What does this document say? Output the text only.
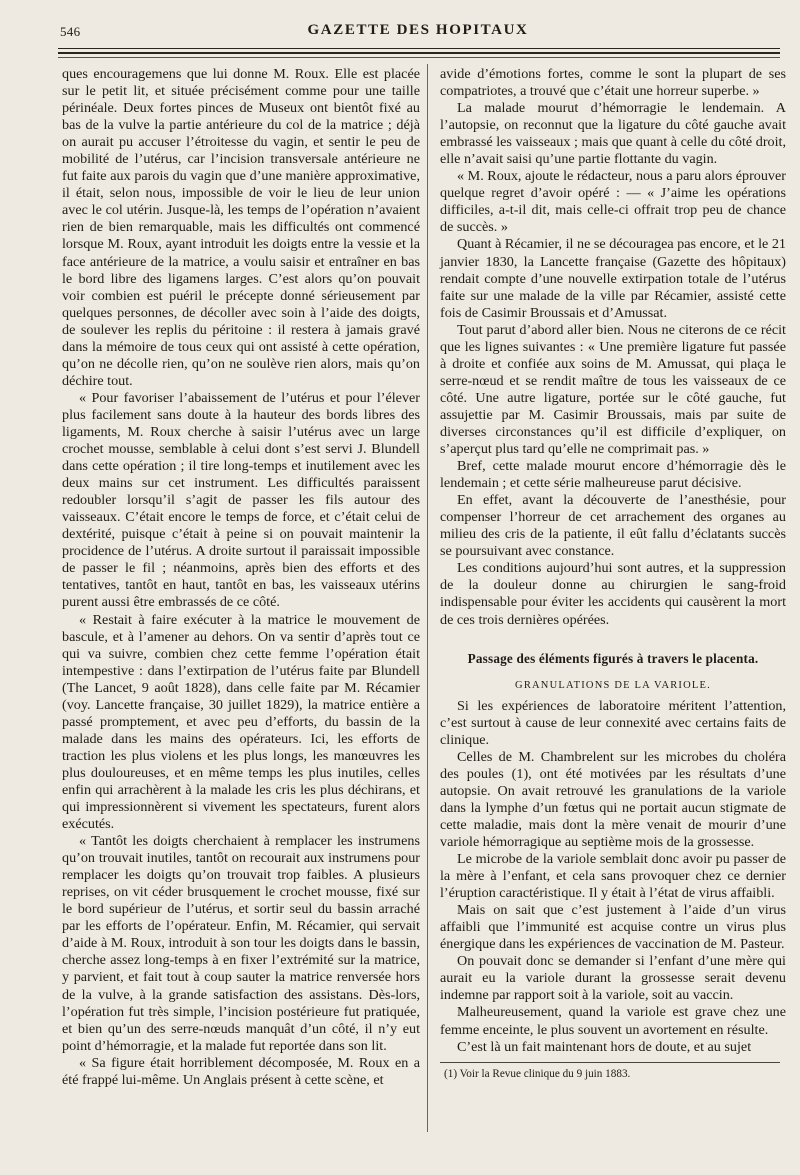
546	GAZETTE DES HOPITAUX

ques encouragemens que lui donne M. Roux. Elle est placée sur le petit lit, et située précisément comme pour une taille périnéale. Deux fortes pinces de Museux ont bientôt fixé au bas de la vulve la partie antérieure du col de la matrice ; déjà on aurait pu accuser l’étroitesse du vagin, et sentir le peu de mobilité de l’utérus, car l’incision transversale antérieure ne fut faite aux parois du vagin que d’une manière approximative, il était, selon nous, impossible de voir le lieu de leur union avec le col utérin. Jusque-là, les temps de l’opération n’avaient rien de bien remarquable, mais les difficultés ont commencé lorsque M. Roux, ayant introduit les doigts entre la vessie et la face antérieure de la matrice, a voulu saisir et entraîner en bas le bord libre des ligamens larges. C’est alors qu’on pouvait voir combien est puéril le précepte donné sérieusement par quelques personnes, de décoller avec soin à l’aide des doigts, de soulever les replis du péritoine : il restera à jamais gravé dans la mémoire de tous ceux qui ont assisté à cette opération, qu’on ne décolle rien, qu’on ne soulève rien alors, mais qu’on déchire tout.

« Pour favoriser l’abaissement de l’utérus et pour l’élever plus facilement sans doute à la hauteur des bords libres des ligaments, M. Roux cherche à saisir l’utérus avec un large crochet mousse, semblable à celui dont s’est servi J. Blundell dans cette opération ; il tire long-temps et inutilement avec les deux mains sur cet instrument. Les difficultés paraissent redoubler lorsqu’il s’agit de passer les fils autour des vaisseaux. C’était encore le temps de force, et c’était celui de dextérité, puisque c’était à peine si on pouvait maintenir la procidence de l’utérus. A droite surtout il paraissait impossible de passer le fil ; néanmoins, après bien des efforts et des tentatives, tantôt en haut, tantôt en bas, les vaisseaux utérins purent aussi être embrassés de ce côté.

« Restait à faire exécuter à la matrice le mouvement de bascule, et à l’amener au dehors. On va sentir d’après tout ce qui va suivre, combien chez cette femme l’opération était intempestive : dans l’extirpation de l’utérus faite par Blundell (The Lancet, 9 août 1828), dans celle faite par M. Récamier (voy. Lancette française, 30 juillet 1829), la matrice entière a passé promptement, et avec peu d’efforts, du bassin de la malade dans les mains des opérateurs. Ici, les efforts de traction les plus violens et les plus longs, les manœuvres les plus douloureuses, et en même temps les plus inutiles, celles enfin qui arrachèrent à la malade les cris les plus déchirans, et qui impressionnèrent si vivement les spectateurs, furent alors exécutés.

« Tantôt les doigts cherchaient à remplacer les instrumens qu’on trouvait inutiles, tantôt on recourait aux instrumens pour remplacer les doigts qu’on trouvait trop faibles. A plusieurs reprises, on vit céder brusquement le crochet mousse, fixé sur le bord supérieur de l’utérus, et sortir seul du bassin arraché par les efforts de l’opérateur. Enfin, M. Récamier, qui servait d’aide à M. Roux, introduit à son tour les doigts dans le bassin, cherche assez long-temps à en fixer l’extrémité sur la matrice, y parvient, et fait tout à coup sauter la matrice renversée hors de la vulve, à la grande satisfaction des assistans. Dès-lors, l’opération fut très simple, l’incision postérieure fut pratiquée, et bien qu’un des serre-nœuds manquât d’un côté, il n’y eut point d’hémorragie, et la malade fut reportée dans son lit.

« Sa figure était horriblement décomposée, M. Roux en a été frappé lui-même. Un Anglais présent à cette scène, et

avide d’émotions fortes, comme le sont la plupart de ses compatriotes, a trouvé que c’était une horreur superbe. »

La malade mourut d’hémorragie le lendemain. A l’autopsie, on reconnut que la ligature du côté gauche avait embrassé les vaisseaux ; mais que quant à celle du côté droit, elle n’avait saisi qu’une partie flottante du vagin.

« M. Roux, ajoute le rédacteur, nous a paru alors éprouver quelque regret d’avoir opéré : — « J’aime les opérations difficiles, a-t-il dit, mais celle-ci offrait trop peu de chance de succès. »

Quant à Récamier, il ne se découragea pas encore, et le 21 janvier 1830, la Lancette française (Gazette des hôpitaux) rendait compte d’une nouvelle extirpation totale de l’utérus faite sur une malade de la ville par Récamier, assisté cette fois de Casimir Broussais et d’Amussat.

Tout parut d’abord aller bien. Nous ne citerons de ce récit que les lignes suivantes : « Une première ligature fut passée à droite et confiée aux soins de M. Amussat, qui plaça le serre-nœud et se rendit maître de tous les vaisseaux de ce côté. Une autre ligature, portée sur le côté gauche, fut assujettie par M. Casimir Broussais, mais par suite de diverses circonstances qu’il est difficile d’expliquer, on s’aperçut plus tard qu’elle ne comprimait pas. »

Bref, cette malade mourut encore d’hémorragie dès le lendemain ; et cette série malheureuse parut décisive.

En effet, avant la découverte de l’anesthésie, pour compenser l’horreur de cet arrachement des organes au milieu des cris de la patiente, il eût fallu d’éclatants succès se poursuivant avec constance.

Les conditions aujourd’hui sont autres, et la suppression de la douleur donne au chirurgien le sang-froid indispensable pour éviter les accidents qui causèrent la mort de ces trois dernières opérées.

Passage des éléments figurés à travers le placenta.
GRANULATIONS DE LA VARIOLE.

Si les expériences de laboratoire méritent l’attention, c’est surtout à cause de leur connexité avec certains faits de clinique.

Celles de M. Chambrelent sur les microbes du choléra des poules (1), ont été motivées par les résultats d’une autopsie. On avait retrouvé les granulations de la variole dans la lymphe d’un fœtus qui ne portait aucun stigmate de cette maladie, mais dont la mère venait de mourir d’une variole hémorragique au septième mois de la grossesse.

Le microbe de la variole semblait donc avoir pu passer de la mère à l’enfant, et cela sans provoquer chez ce dernier l’éruption caractéristique. Il y était à l’état de virus affaibli.

Mais on sait que c’est justement à l’aide d’un virus affaibli que l’immunité est acquise contre un virus plus énergique dans les expériences de vaccination de M. Pasteur.

On pouvait donc se demander si l’enfant d’une mère qui aurait eu la variole durant la grossesse serait devenu indemne par rapport soit à la variole, soit au vaccin.

Malheureusement, quand la variole est grave chez une femme enceinte, le plus souvent un avortement en résulte.

C’est là un fait maintenant hors de doute, et au sujet

(1) Voir la Revue clinique du 9 juin 1883.
